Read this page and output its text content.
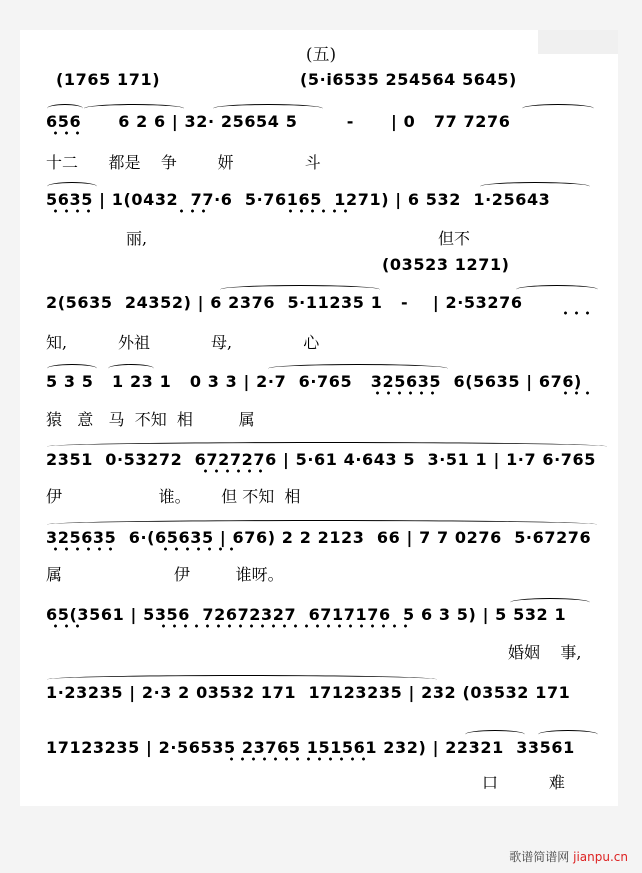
(五)
(1765 171)	(5·i6535 254564 5645)
656      6 2 6 | 32· 25654 5        -      | 0   77 7276
5635 | 1(0432  77·6  5·76165  1271) | 6 532  1·25643
(03523 1271)
2(5635  24352) | 6 2376  5·11235 1   -    | 2·53276
5 3 5   1 23 1   0 3 3 | 2·7  6·765   325635  6(5635 | 676)
2351  0·53272  6727276 | 5·61 4·643 5  3·51 1 | 1·7 6·765
325635  6·(65635 | 676) 2 2 2123  66 | 7 7 0276  5·67276
65(3561 | 5356  72672327  6717176  5 6 3 5) | 5 532 1
1·23235 | 2·3 2 03532 171  17123235 | 232 (03532 171
17123235 | 2·56535 23765 151561 232) | 22321  33561
十二      都是    争        妍              斗
丽,	但不
知,          外祖            母,              心
猿   意   马  不知  相         属
伊                   谁。      但 不知  相
属                      伊         谁呀。
婚姻    事,
口          难
歌谱简谱网 jianpu.cn
